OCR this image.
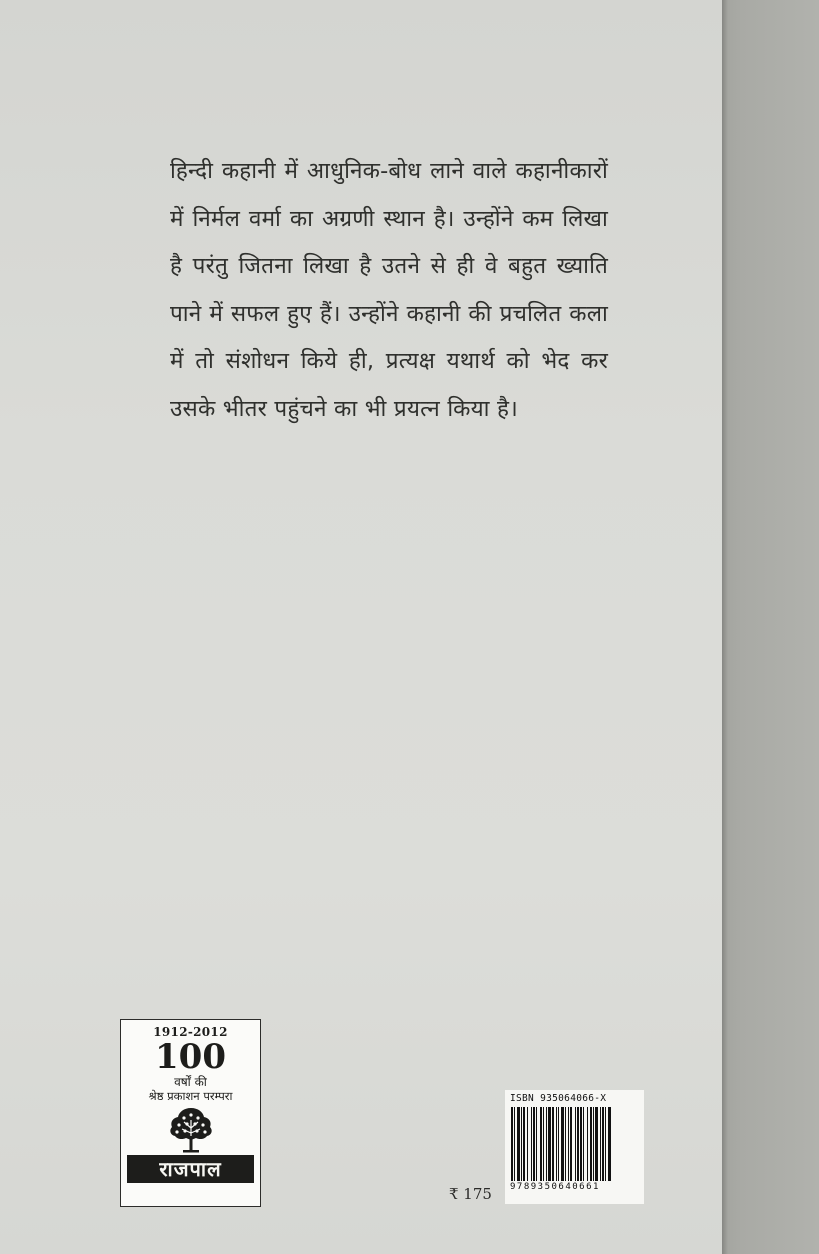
हिन्दी कहानी में आधुनिक-बोध लाने वाले कहानीकारों में निर्मल वर्मा का अग्रणी स्थान है। उन्होंने कम लिखा है परंतु जितना लिखा है उतने से ही वे बहुत ख्याति पाने में सफल हुए हैं। उन्होंने कहानी की प्रचलित कला में तो संशोधन किये ही, प्रत्यक्ष यथार्थ को भेद कर उसके भीतर पहुंचने का भी प्रयत्न किया है।

1912-2012
100
वर्षों की
श्रेष्ठ प्रकाशन परम्परा
राजपाल
₹ 175
ISBN 935064066-X
9789350640661
